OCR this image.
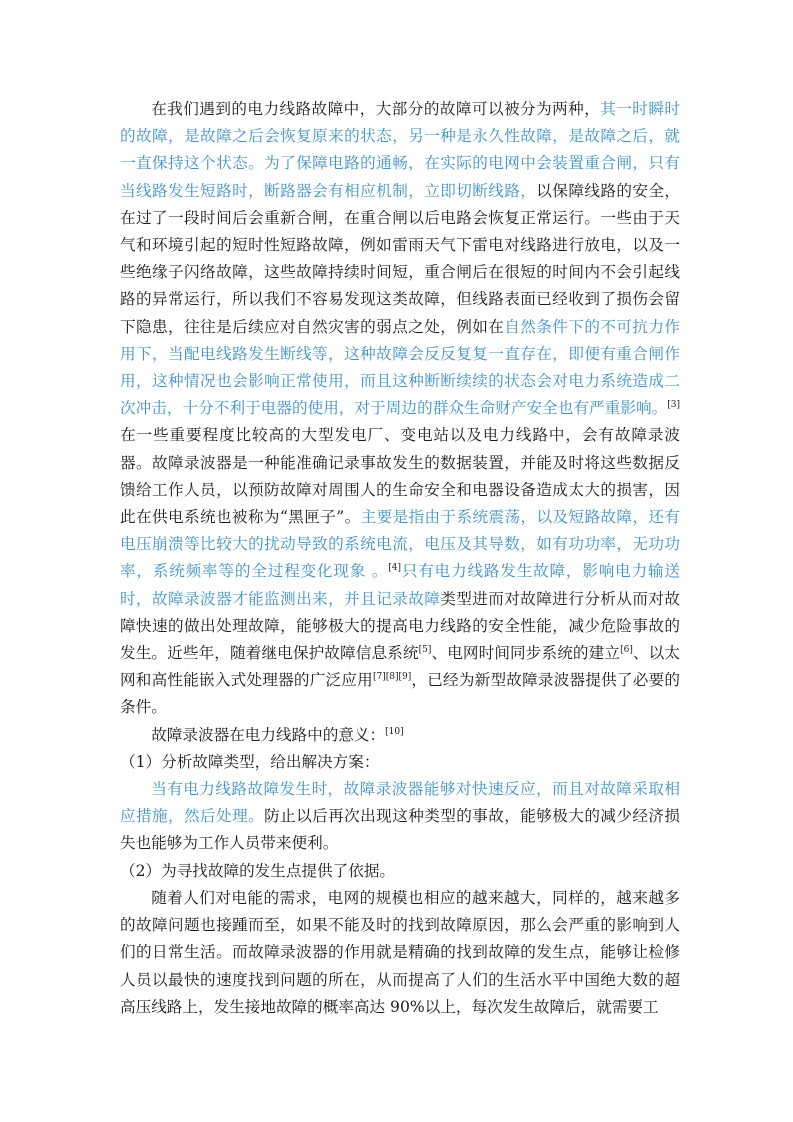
在我们遇到的电力线路故障中，大部分的故障可以被分为两种，其一时瞬时的故障，是故障之后会恢复原来的状态，另一种是永久性故障，是故障之后，就一直保持这个状态。为了保障电路的通畅，在实际的电网中会装置重合闸，只有当线路发生短路时，断路器会有相应机制，立即切断线路，以保障线路的安全，在过了一段时间后会重新合闸，在重合闸以后电路会恢复正常运行。一些由于天气和环境引起的短时性短路故障，例如雷雨天气下雷电对线路进行放电，以及一些绝缘子闪络故障，这些故障持续时间短，重合闸后在很短的时间内不会引起线路的异常运行，所以我们不容易发现这类故障，但线路表面已经收到了损伤会留下隐患，往往是后续应对自然灾害的弱点之处，例如在自然条件下的不可抗力作用下，当配电线路发生断线等，这种故障会反反复复一直存在，即便有重合闸作用，这种情况也会影响正常使用，而且这种断断续续的状态会对电力系统造成二次冲击，十分不利于电器的使用，对于周边的群众生命财产安全也有严重影响。[3]在一些重要程度比较高的大型发电厂、变电站以及电力线路中，会有故障录波器。故障录波器是一种能准确记录事故发生的数据装置，并能及时将这些数据反馈给工作人员，以预防故障对周围人的生命安全和电器设备造成太大的损害，因此在供电系统也被称为“黑匣子”。主要是指由于系统震荡，以及短路故障，还有电压崩溃等比较大的扰动导致的系统电流，电压及其导数，如有功功率，无功功率，系统频率等的全过程变化现象 。[4]只有电力线路发生故障，影响电力输送时，故障录波器才能监测出来，并且记录故障类型进而对故障进行分析从而对故障快速的做出处理故障，能够极大的提高电力线路的安全性能，减少危险事故的发生。近些年，随着继电保护故障信息系统[5]、电网时间同步系统的建立[6]、以太网和高性能嵌入式处理器的广泛应用[7][8][9]，已经为新型故障录波器提供了必要的条件。

故障录波器在电力线路中的意义：[10]

（1）分析故障类型，给出解决方案：

当有电力线路故障发生时，故障录波器能够对快速反应，而且对故障采取相应措施，然后处理。防止以后再次出现这种类型的事故，能够极大的减少经济损失也能够为工作人员带来便利。

（2）为寻找故障的发生点提供了依据。

随着人们对电能的需求，电网的规模也相应的越来越大，同样的，越来越多的故障问题也接踵而至，如果不能及时的找到故障原因，那么会严重的影响到人们的日常生活。而故障录波器的作用就是精确的找到故障的发生点，能够让检修人员以最快的速度找到问题的所在，从而提高了人们的生活水平中国绝大数的超高压线路上，发生接地故障的概率高达 90%以上，每次发生故障后，就需要工
